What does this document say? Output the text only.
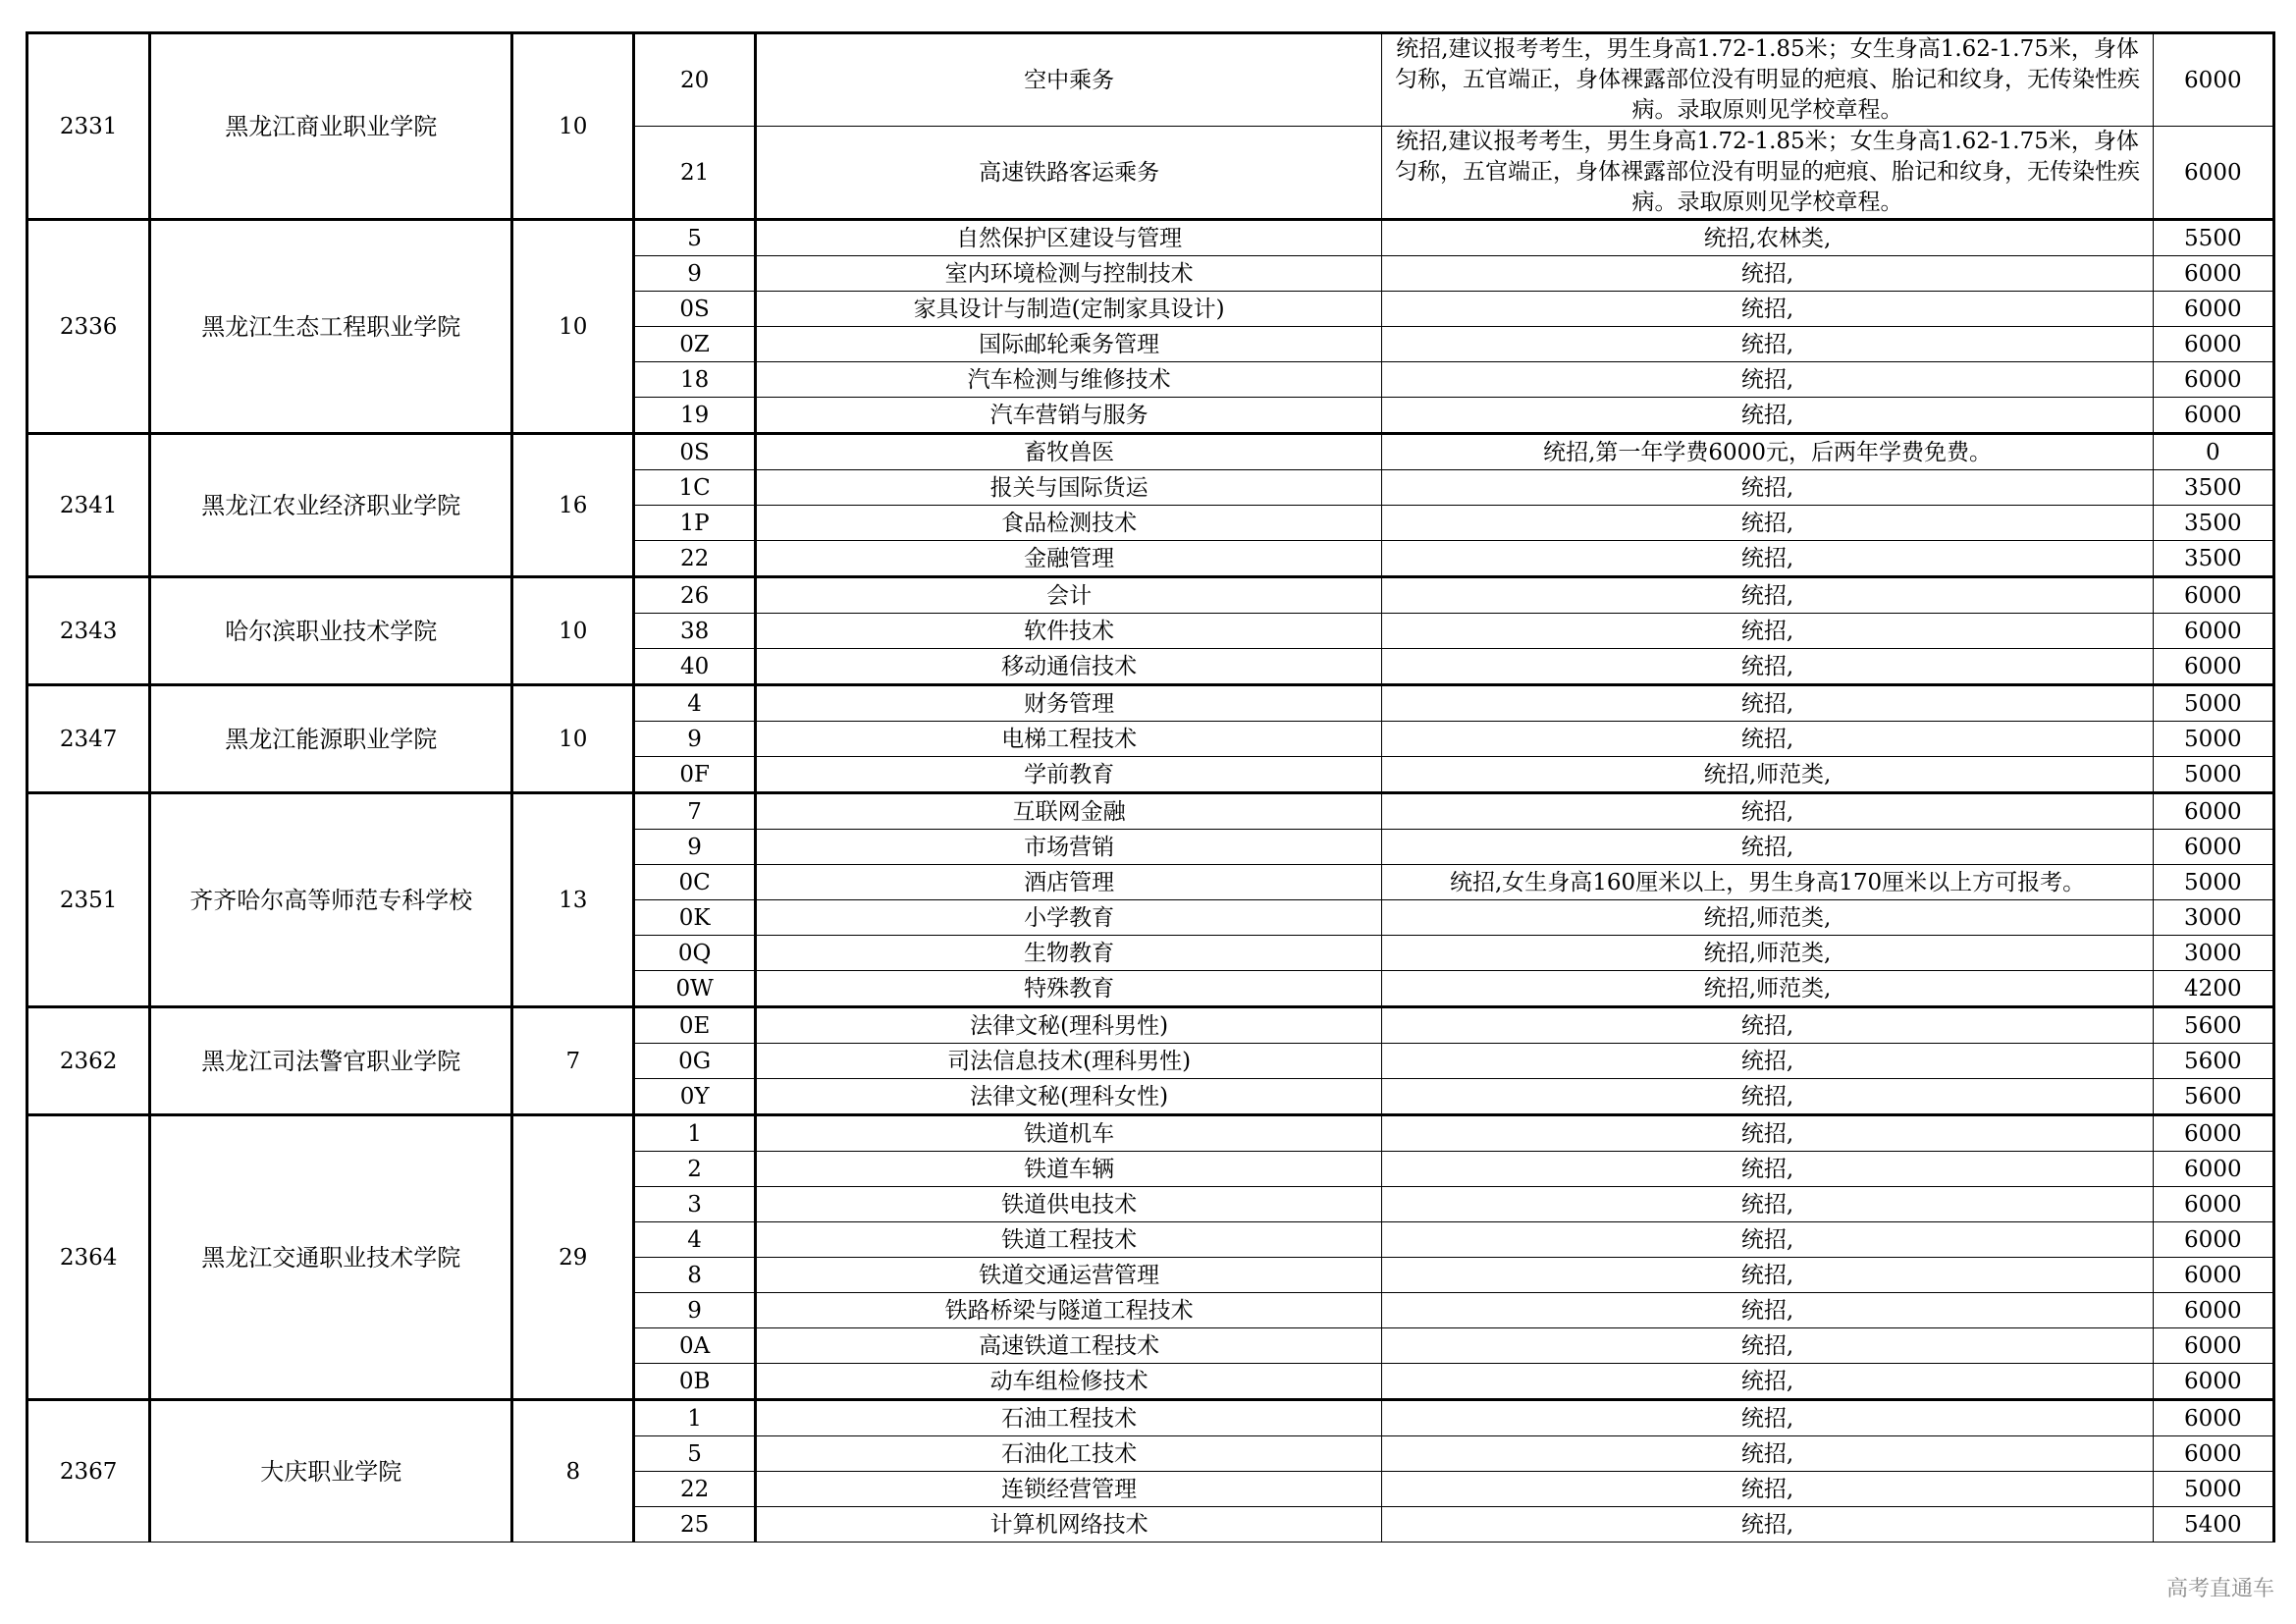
2331	黑龙江商业职业学院	10	20	空中乘务	统招,建议报考考生，男生身高1.72-1.85米；女生身高1.62-1.75米，身体匀称，五官端正，身体裸露部位没有明显的疤痕、胎记和纹身，无传染性疾病。录取原则见学校章程。	6000
			21	高速铁路客运乘务	统招,建议报考考生，男生身高1.72-1.85米；女生身高1.62-1.75米，身体匀称，五官端正，身体裸露部位没有明显的疤痕、胎记和纹身，无传染性疾病。录取原则见学校章程。	6000
2336	黑龙江生态工程职业学院	10	5	自然保护区建设与管理	统招,农林类,	5500
			9	室内环境检测与控制技术	统招,	6000
			0S	家具设计与制造(定制家具设计)	统招,	6000
			0Z	国际邮轮乘务管理	统招,	6000
			18	汽车检测与维修技术	统招,	6000
			19	汽车营销与服务	统招,	6000
2341	黑龙江农业经济职业学院	16	0S	畜牧兽医	统招,第一年学费6000元，后两年学费免费。	0
			1C	报关与国际货运	统招,	3500
			1P	食品检测技术	统招,	3500
			22	金融管理	统招,	3500
2343	哈尔滨职业技术学院	10	26	会计	统招,	6000
			38	软件技术	统招,	6000
			40	移动通信技术	统招,	6000
2347	黑龙江能源职业学院	10	4	财务管理	统招,	5000
			9	电梯工程技术	统招,	5000
			0F	学前教育	统招,师范类,	5000
2351	齐齐哈尔高等师范专科学校	13	7	互联网金融	统招,	6000
			9	市场营销	统招,	6000
			0C	酒店管理	统招,女生身高160厘米以上，男生身高170厘米以上方可报考。	5000
			0K	小学教育	统招,师范类,	3000
			0Q	生物教育	统招,师范类,	3000
			0W	特殊教育	统招,师范类,	4200
2362	黑龙江司法警官职业学院	7	0E	法律文秘(理科男性)	统招,	5600
			0G	司法信息技术(理科男性)	统招,	5600
			0Y	法律文秘(理科女性)	统招,	5600
2364	黑龙江交通职业技术学院	29	1	铁道机车	统招,	6000
			2	铁道车辆	统招,	6000
			3	铁道供电技术	统招,	6000
			4	铁道工程技术	统招,	6000
			8	铁道交通运营管理	统招,	6000
			9	铁路桥梁与隧道工程技术	统招,	6000
			0A	高速铁道工程技术	统招,	6000
			0B	动车组检修技术	统招,	6000
2367	大庆职业学院	8	1	石油工程技术	统招,	6000
			5	石油化工技术	统招,	6000
			22	连锁经营管理	统招,	5000
			25	计算机网络技术	统招,	5400
高考直通车
